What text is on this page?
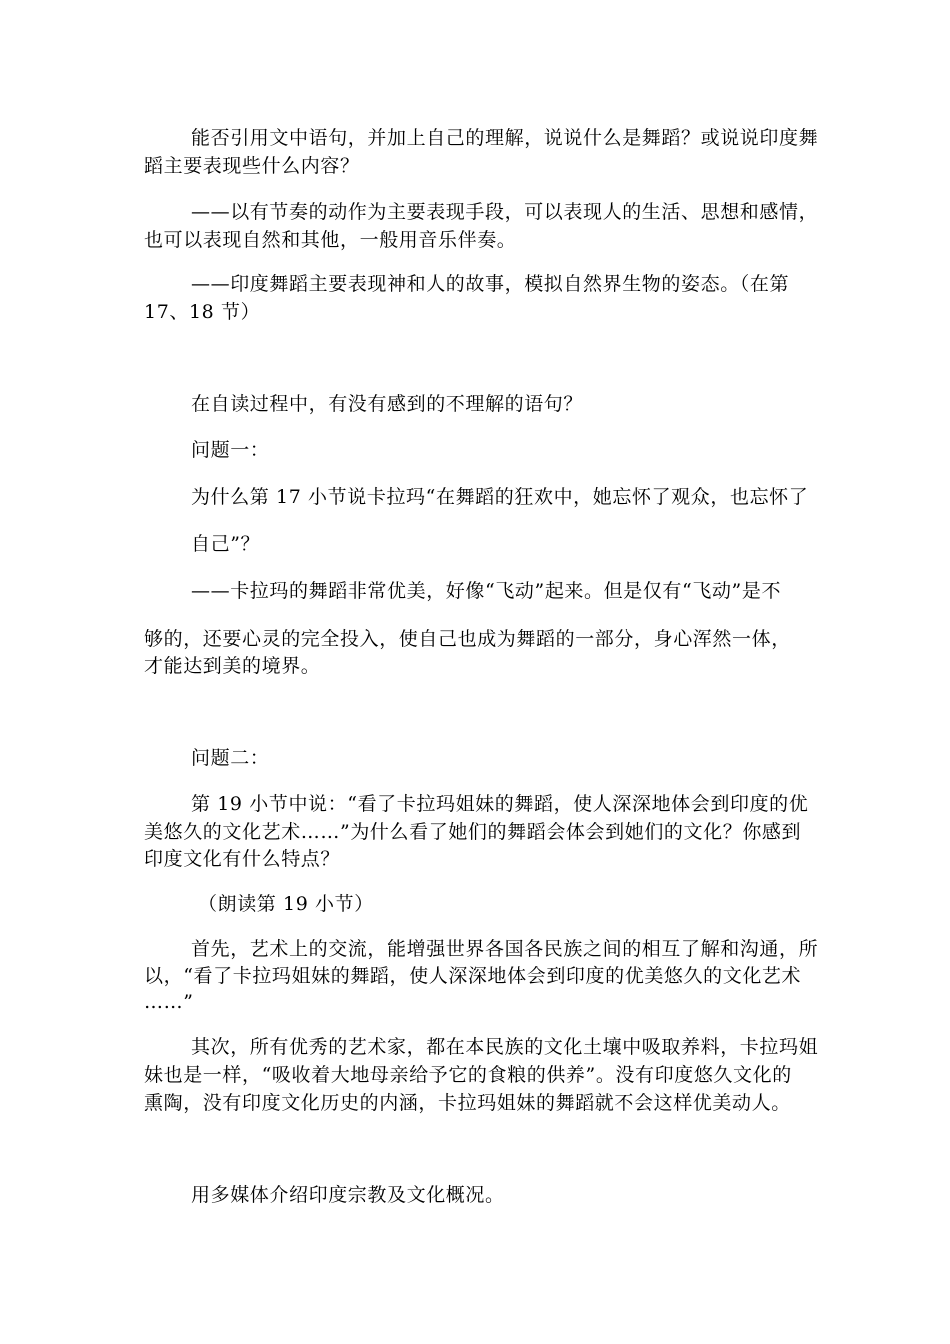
能否引用文中语句，并加上自己的理解，说说什么是舞蹈？或说说印度舞
蹈主要表现些什么内容？
——以有节奏的动作为主要表现手段，可以表现人的生活、思想和感情，
也可以表现自然和其他，一般用音乐伴奏。
——印度舞蹈主要表现神和人的故事，模拟自然界生物的姿态。（在第
17、18 节）
在自读过程中，有没有感到的不理解的语句？
问题一：
为什么第 17 小节说卡拉玛“在舞蹈的狂欢中，她忘怀了观众，也忘怀了
自己”？
——卡拉玛的舞蹈非常优美，好像“飞动”起来。但是仅有“飞动”是不
够的，还要心灵的完全投入，使自己也成为舞蹈的一部分，身心浑然一体，
才能达到美的境界。
问题二：
第 19 小节中说：“看了卡拉玛姐妹的舞蹈，使人深深地体会到印度的优
美悠久的文化艺术……”为什么看了她们的舞蹈会体会到她们的文化？你感到
印度文化有什么特点？
（朗读第 19 小节）
首先，艺术上的交流，能增强世界各国各民族之间的相互了解和沟通，所
以，“看了卡拉玛姐妹的舞蹈，使人深深地体会到印度的优美悠久的文化艺术
……”
其次，所有优秀的艺术家，都在本民族的文化土壤中吸取养料，卡拉玛姐
妹也是一样，“吸收着大地母亲给予它的食粮的供养”。没有印度悠久文化的
熏陶，没有印度文化历史的内涵，卡拉玛姐妹的舞蹈就不会这样优美动人。
用多媒体介绍印度宗教及文化概况。
